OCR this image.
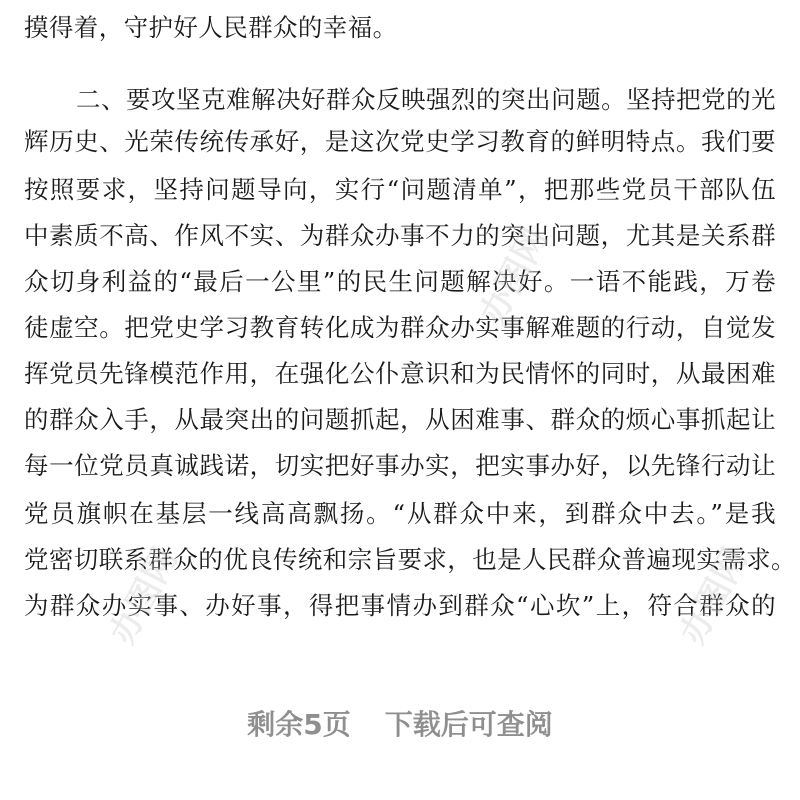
摸得着，守护好人民群众的幸福。
二、要攻坚克难解决好群众反映强烈的突出问题。坚持把党的光
辉历史、光荣传统传承好，是这次党史学习教育的鲜明特点。我们要
按照要求，坚持问题导向，实行“问题清单”，把那些党员干部队伍
中素质不高、作风不实、为群众办事不力的突出问题，尤其是关系群
众切身利益的“最后一公里”的民生问题解决好。一语不能践，万卷
徒虚空。把党史学习教育转化成为群众办实事解难题的行动，自觉发
挥党员先锋模范作用，在强化公仆意识和为民情怀的同时，从最困难
的群众入手，从最突出的问题抓起，从困难事、群众的烦心事抓起让
每一位党员真诚践诺，切实把好事办实，把实事办好，以先锋行动让
党员旗帜在基层一线高高飘扬。“从群众中来，到群众中去。”是我
党密切联系群众的优良传统和宗旨要求，也是人民群众普遍现实需求。
为群众办实事、办好事，得把事情办到群众“心坎”上，符合群众的
办图网
办图网	办图网
剩余5页 下载后可查阅
